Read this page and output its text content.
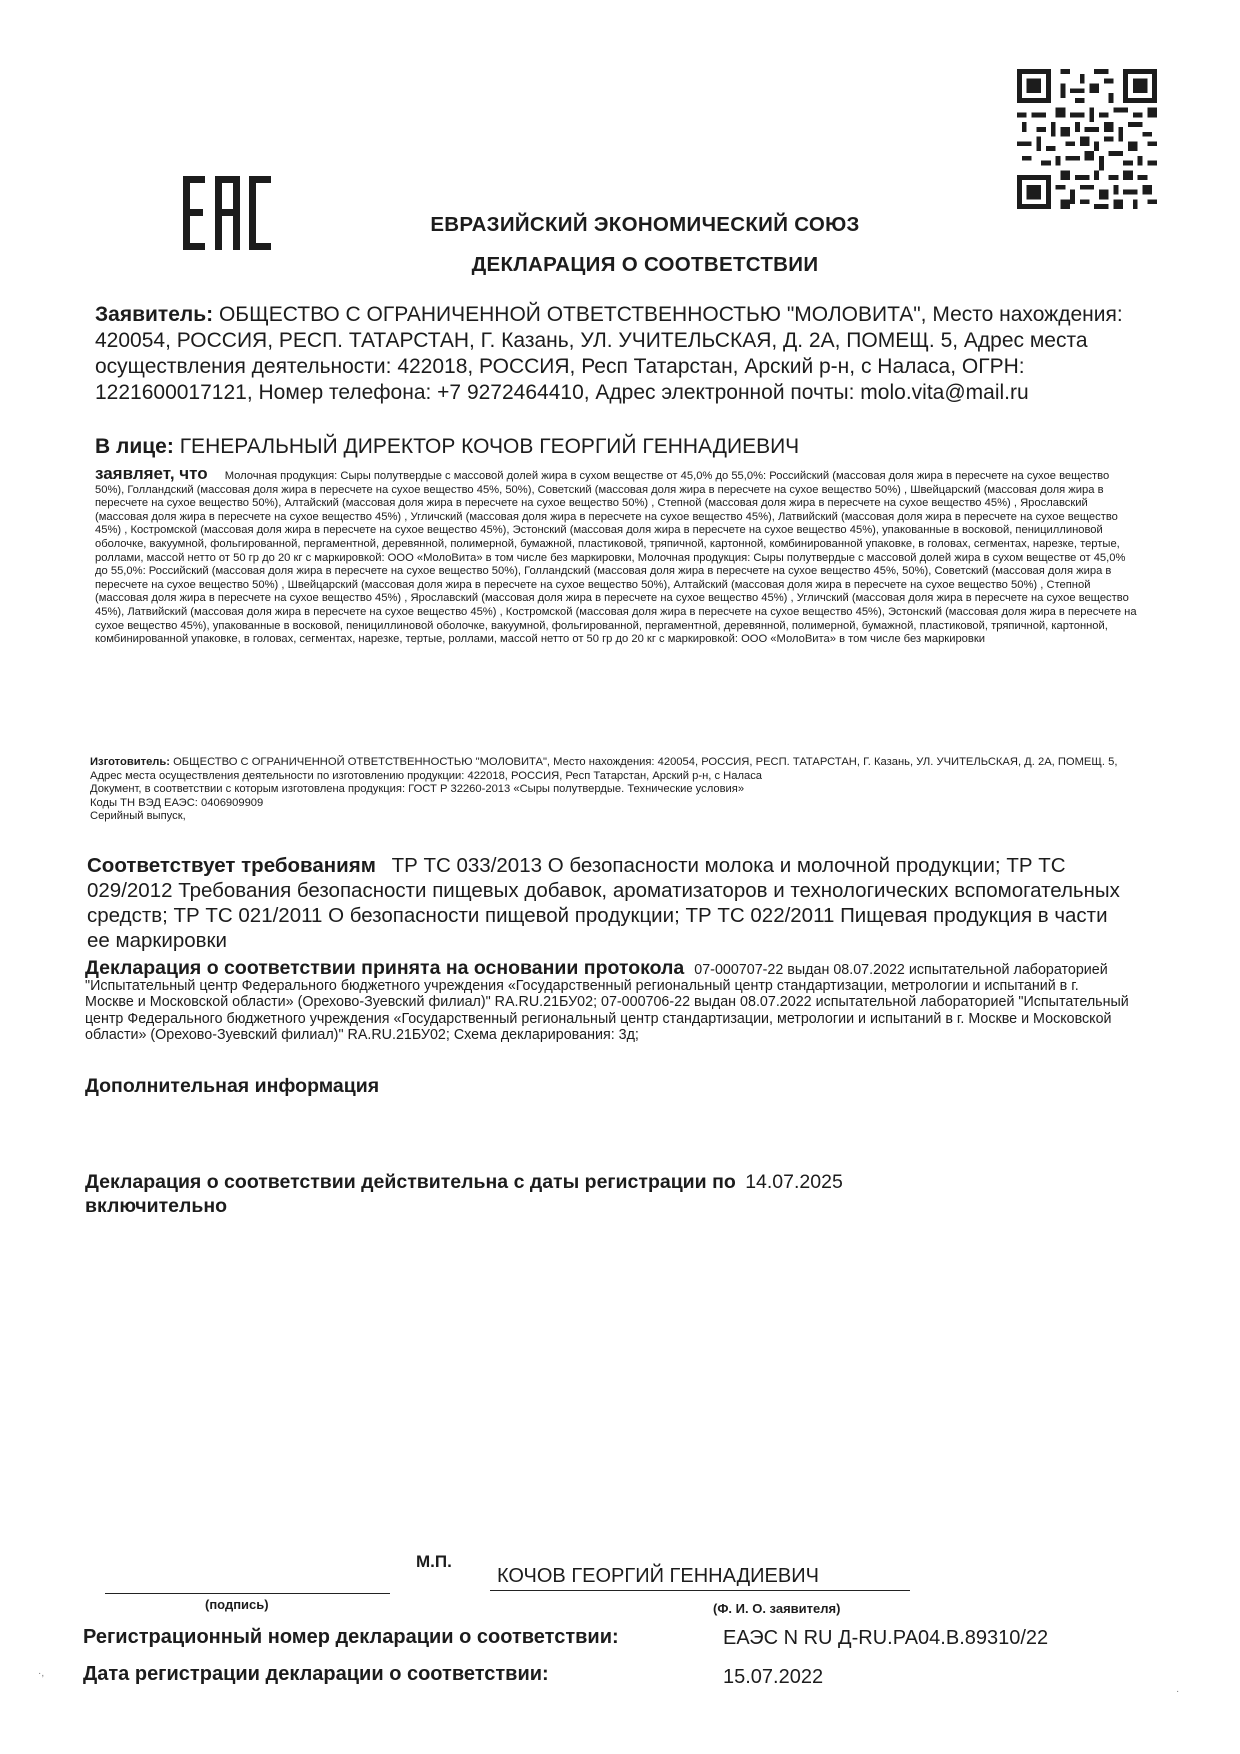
ЕВРАЗИЙСКИЙ ЭКОНОМИЧЕСКИЙ СОЮЗ
ДЕКЛАРАЦИЯ О СООТВЕТСТВИИ
Заявитель: ОБЩЕСТВО С ОГРАНИЧЕННОЙ ОТВЕТСТВЕННОСТЬЮ "МОЛОВИТА", Место нахождения: 420054, РОССИЯ, РЕСП. ТАТАРСТАН, Г. Казань, УЛ. УЧИТЕЛЬСКАЯ, Д. 2А, ПОМЕЩ. 5, Адрес места осуществления деятельности: 422018, РОССИЯ, Респ Татарстан, Арский р-н, с Наласа, ОГРН: 1221600017121, Номер телефона: +7 9272464410, Адрес электронной почты: molo.vita@mail.ru
В лице: ГЕНЕРАЛЬНЫЙ ДИРЕКТОР КОЧОВ ГЕОРГИЙ ГЕННАДИЕВИЧ
заявляет, что Молочная продукция: Сыры полутвердые с массовой долей жира в сухом веществе от 45,0% до 55,0%: Российский (массовая доля жира в пересчете на сухое вещество 50%), Голландский (массовая доля жира в пересчете на сухое вещество 45%, 50%), Советский (массовая доля жира в пересчете на сухое вещество 50%) , Швейцарский (массовая доля жира в пересчете на сухое вещество 50%), Алтайский (массовая доля жира в пересчете на сухое вещество 50%) , Степной (массовая доля жира в пересчете на сухое вещество 45%) , Ярославский (массовая доля жира в пересчете на сухое вещество 45%) , Угличский (массовая доля жира в пересчете на сухое вещество 45%), Латвийский (массовая доля жира в пересчете на сухое вещество 45%) , Костромской (массовая доля жира в пересчете на сухое вещество 45%), Эстонский (массовая доля жира в пересчете на сухое вещество 45%), упакованные в восковой, пенициллиновой оболочке, вакуумной, фольгированной, пергаментной, деревянной, полимерной, бумажной, пластиковой, тряпичной, картонной, комбинированной упаковке, в головах, сегментах, нарезке, тертые, роллами, массой нетто от 50 гр до 20 кг с маркировкой: ООО «МолоВита» в том числе без маркировки, Молочная продукция: Сыры полутвердые с массовой долей жира в сухом веществе от 45,0% до 55,0%: Российский (массовая доля жира в пересчете на сухое вещество 50%), Голландский (массовая доля жира в пересчете на сухое вещество 45%, 50%), Советский (массовая доля жира в пересчете на сухое вещество 50%) , Швейцарский (массовая доля жира в пересчете на сухое вещество 50%), Алтайский (массовая доля жира в пересчете на сухое вещество 50%) , Степной (массовая доля жира в пересчете на сухое вещество 45%) , Ярославский (массовая доля жира в пересчете на сухое вещество 45%) , Угличский (массовая доля жира в пересчете на сухое вещество 45%), Латвийский (массовая доля жира в пересчете на сухое вещество 45%) , Костромской (массовая доля жира в пересчете на сухое вещество 45%), Эстонский (массовая доля жира в пересчете на сухое вещество 45%), упакованные в восковой, пенициллиновой оболочке, вакуумной, фольгированной, пергаментной, деревянной, полимерной, бумажной, пластиковой, тряпичной, картонной, комбинированной упаковке, в головах, сегментах, нарезке, тертые, роллами, массой нетто от 50 гр до 20 кг с маркировкой: ООО «МолоВита» в том числе без маркировки
Изготовитель: ОБЩЕСТВО С ОГРАНИЧЕННОЙ ОТВЕТСТВЕННОСТЬЮ "МОЛОВИТА", Место нахождения: 420054, РОССИЯ, РЕСП. ТАТАРСТАН, Г. Казань, УЛ. УЧИТЕЛЬСКАЯ, Д. 2А, ПОМЕЩ. 5, Адрес места осуществления деятельности по изготовлению продукции: 422018, РОССИЯ, Респ Татарстан, Арский р-н, с Наласа
Документ, в соответствии с которым изготовлена продукция: ГОСТ Р 32260-2013 «Сыры полутвердые. Технические условия»
Коды ТН ВЭД ЕАЭС: 0406909909
Серийный выпуск,
Соответствует требованиям ТР ТС 033/2013 О безопасности молока и молочной продукции; ТР ТС 029/2012 Требования безопасности пищевых добавок, ароматизаторов и технологических вспомогательных средств; ТР ТС 021/2011 О безопасности пищевой продукции; ТР ТС 022/2011 Пищевая продукция в части ее маркировки
Декларация о соответствии принята на основании протокола 07-000707-22 выдан 08.07.2022 испытательной лабораторией "Испытательный центр Федерального бюджетного учреждения «Государственный региональный центр стандартизации, метрологии и испытаний в г. Москве и Московской области» (Орехово-Зуевский филиал)" RA.RU.21БУ02; 07-000706-22 выдан 08.07.2022 испытательной лабораторией "Испытательный центр Федерального бюджетного учреждения «Государственный региональный центр стандартизации, метрологии и испытаний в г. Москве и Московской области» (Орехово-Зуевский филиал)" RA.RU.21БУ02; Схема декларирования: 3д;
Дополнительная информация
Декларация о соответствии действительна с даты регистрации по 14.07.2025
включительно
М.П.
КОЧОВ ГЕОРГИЙ ГЕННАДИЕВИЧ
(подпись)	(Ф. И. О. заявителя)
Регистрационный номер декларации о соответствии:	ЕАЭС N RU Д-RU.РА04.В.89310/22
Дата регистрации декларации о соответствии:	15.07.2022
·,
·
